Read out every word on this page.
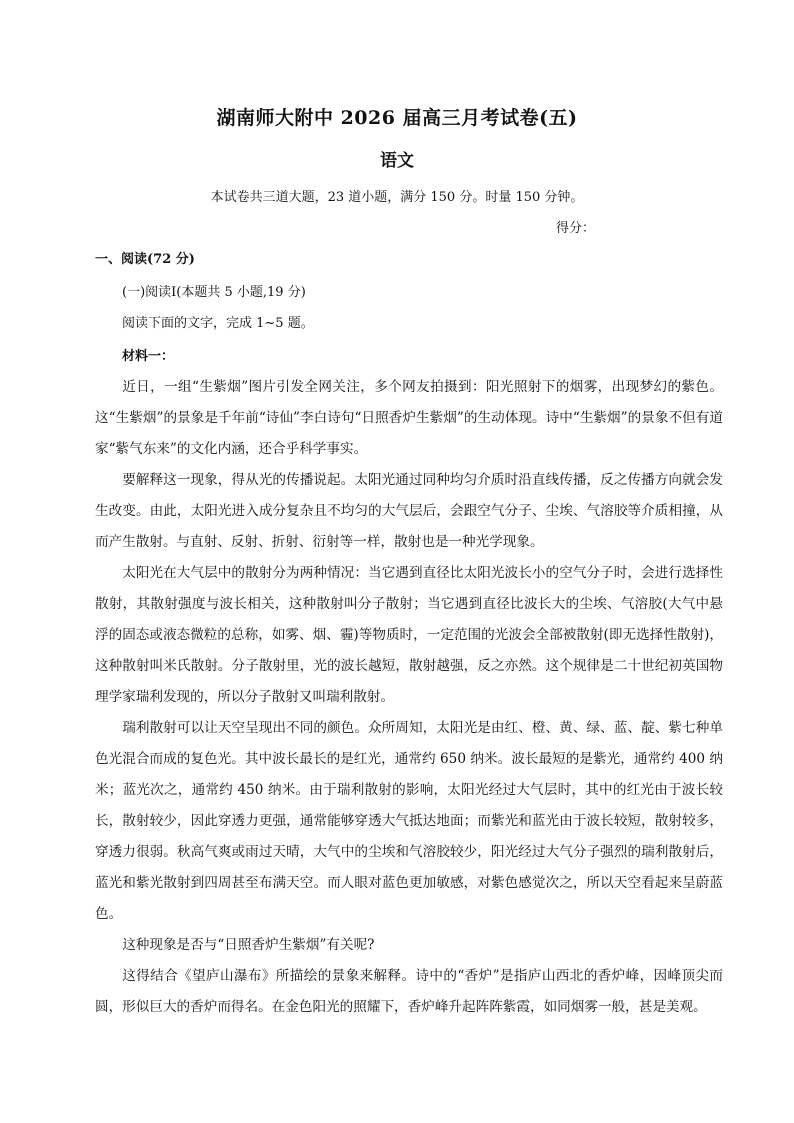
湖南师大附中 2026 届高三月考试卷(五)
语文
本试卷共三道大题，23 道小题，满分 150 分。时量 150 分钟。
得分：
一、阅读(72 分)
(一)阅读Ⅰ(本题共 5 小题,19 分)
阅读下面的文字，完成 1~5 题。
材料一：

近日，一组“生紫烟”图片引发全网关注，多个网友拍摄到：阳光照射下的烟雾，出现梦幻的紫色。这“生紫烟”的景象是千年前“诗仙”李白诗句“日照香炉生紫烟”的生动体现。诗中“生紫烟”的景象不但有道家“紫气东来”的文化内涵，还合乎科学事实。

要解释这一现象，得从光的传播说起。太阳光通过同种均匀介质时沿直线传播，反之传播方向就会发生改变。由此，太阳光进入成分复杂且不均匀的大气层后，会跟空气分子、尘埃、气溶胶等介质相撞，从而产生散射。与直射、反射、折射、衍射等一样，散射也是一种光学现象。

太阳光在大气层中的散射分为两种情况：当它遇到直径比太阳光波长小的空气分子时，会进行选择性散射，其散射强度与波长相关，这种散射叫分子散射；当它遇到直径比波长大的尘埃、气溶胶(大气中悬浮的固态或液态微粒的总称，如雾、烟、霾)等物质时，一定范围的光波会全部被散射(即无选择性散射)，这种散射叫米氏散射。分子散射里，光的波长越短，散射越强，反之亦然。这个规律是二十世纪初英国物理学家瑞利发现的，所以分子散射又叫瑞利散射。

瑞利散射可以让天空呈现出不同的颜色。众所周知，太阳光是由红、橙、黄、绿、蓝、靛、紫七种单色光混合而成的复色光。其中波长最长的是红光，通常约 650 纳米。波长最短的是紫光，通常约 400 纳米；蓝光次之，通常约 450 纳米。由于瑞利散射的影响，太阳光经过大气层时，其中的红光由于波长较长，散射较少，因此穿透力更强，通常能够穿透大气抵达地面；而紫光和蓝光由于波长较短，散射较多，穿透力很弱。秋高气爽或雨过天晴，大气中的尘埃和气溶胶较少，阳光经过大气分子强烈的瑞利散射后，蓝光和紫光散射到四周甚至布满天空。而人眼对蓝色更加敏感，对紫色感觉次之，所以天空看起来呈蔚蓝色。

这种现象是否与“日照香炉生紫烟”有关呢?

这得结合《望庐山瀑布》所描绘的景象来解释。诗中的“香炉”是指庐山西北的香炉峰，因峰顶尖而圆，形似巨大的香炉而得名。在金色阳光的照耀下，香炉峰升起阵阵紫霞，如同烟雾一般，甚是美观。
